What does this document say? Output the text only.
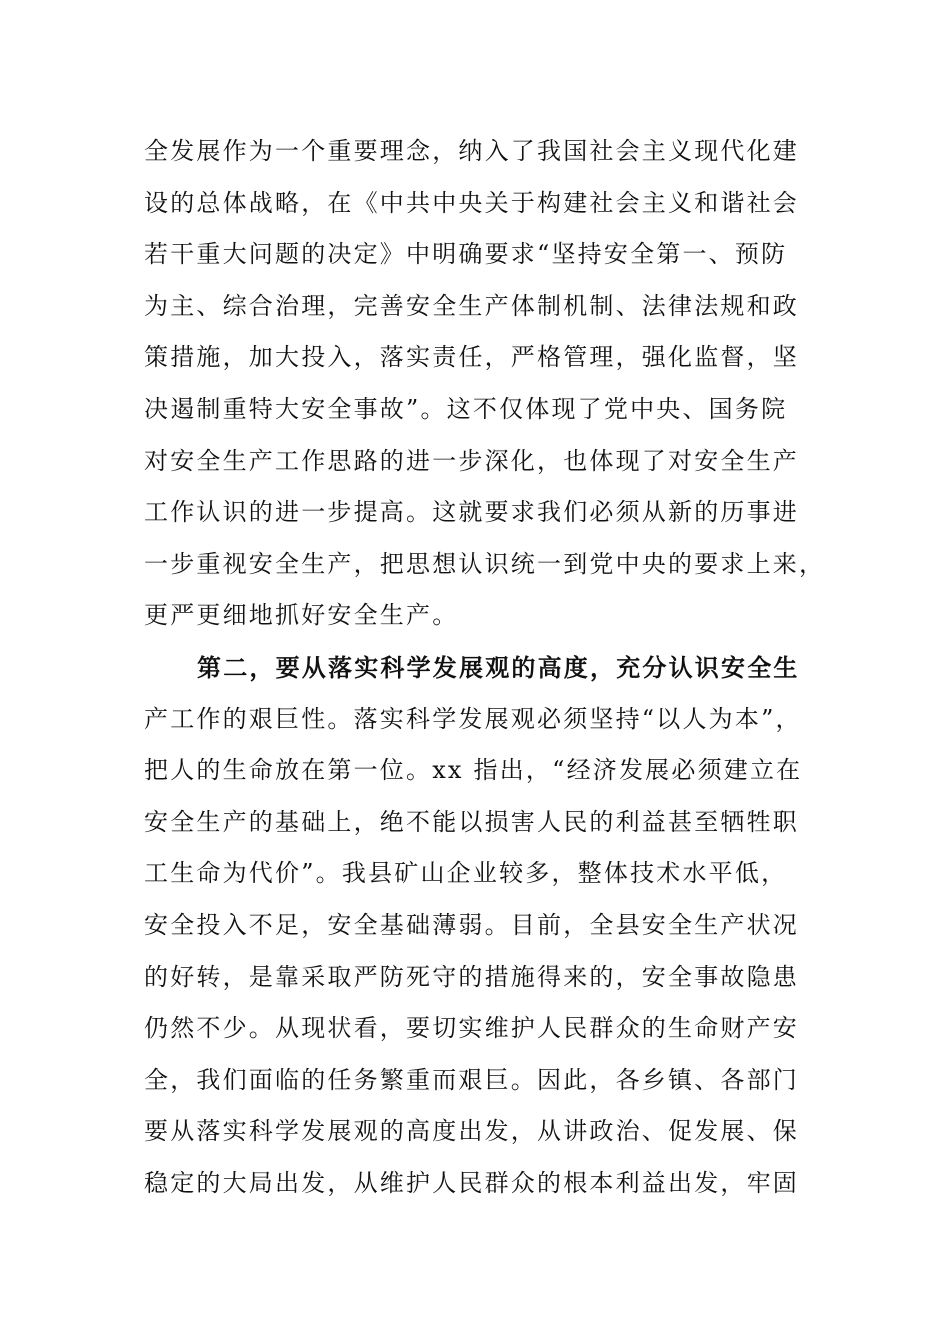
全发展作为一个重要理念，纳入了我国社会主义现代化建
设的总体战略，在《中共中央关于构建社会主义和谐社会
若干重大问题的决定》中明确要求“坚持安全第一、预防
为主、综合治理，完善安全生产体制机制、法律法规和政
策措施，加大投入，落实责任，严格管理，强化监督，坚
决遏制重特大安全事故”。这不仅体现了党中央、国务院
对安全生产工作思路的进一步深化，也体现了对安全生产
工作认识的进一步提高。这就要求我们必须从新的历事进
一步重视安全生产，把思想认识统一到党中央的要求上来，
更严更细地抓好安全生产。
第二，要从落实科学发展观的高度，充分认识安全生
产工作的艰巨性。落实科学发展观必须坚持“以人为本”，
把人的生命放在第一位。xx 指出，“经济发展必须建立在
安全生产的基础上，绝不能以损害人民的利益甚至牺牲职
工生命为代价”。我县矿山企业较多，整体技术水平低，
安全投入不足，安全基础薄弱。目前，全县安全生产状况
的好转，是靠采取严防死守的措施得来的，安全事故隐患
仍然不少。从现状看，要切实维护人民群众的生命财产安
全，我们面临的任务繁重而艰巨。因此，各乡镇、各部门
要从落实科学发展观的高度出发，从讲政治、促发展、保
稳定的大局出发，从维护人民群众的根本利益出发，牢固
